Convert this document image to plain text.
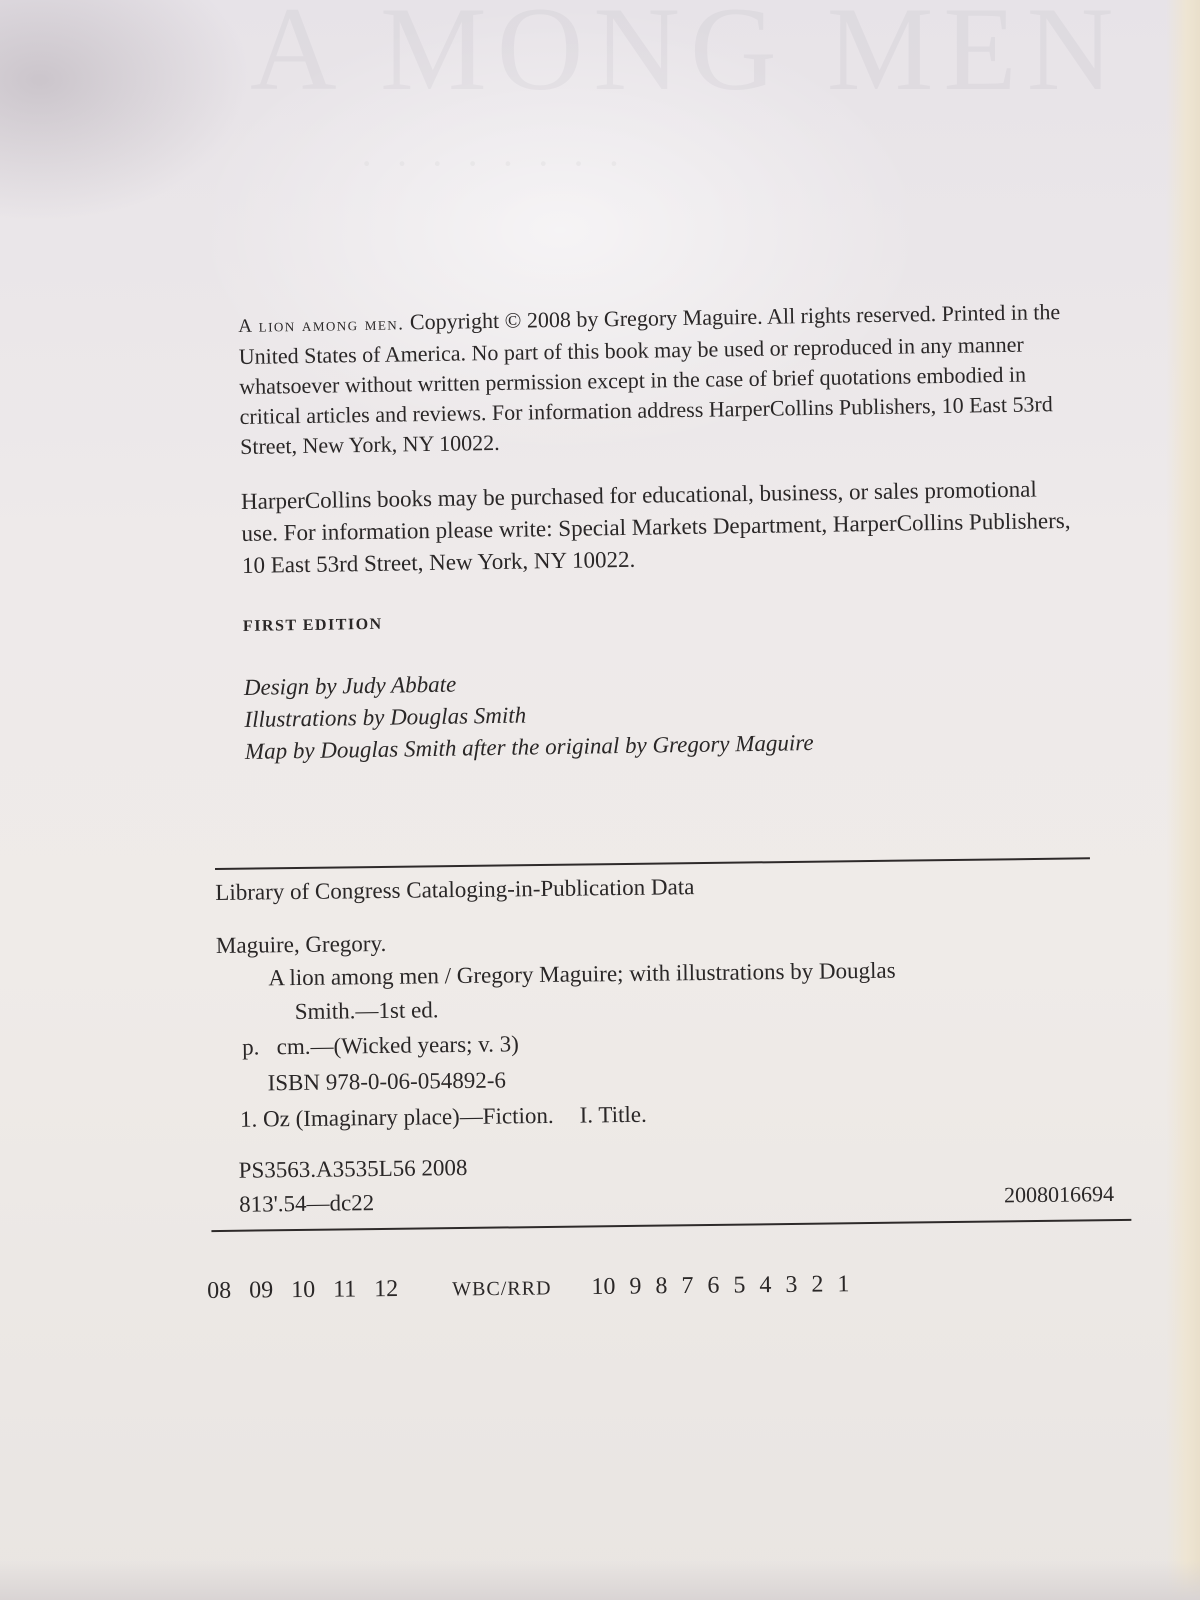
A MONG MEN
· · · · · · · ·

A lion among men. Copyright © 2008 by Gregory Maguire. All rights reserved. Printed in the United States of America. No part of this book may be used or reproduced in any manner whatsoever without written permission except in the case of brief quotations embodied in critical articles and reviews. For information address HarperCollins Publishers, 10 East 53rd Street, New York, NY 10022.

HarperCollins books may be purchased for educational, business, or sales promotional use. For information please write: Special Markets Department, HarperCollins Publishers, 10 East 53rd Street, New York, NY 10022.

FIRST EDITION
Design by Judy Abbate
Illustrations by Douglas Smith
Map by Douglas Smith after the original by Gregory Maguire
Library of Congress Cataloging-in-Publication Data
Maguire, Gregory.
A lion among men / Gregory Maguire; with illustrations by Douglas
Smith.—1st ed.
p.   cm.—(Wicked years; v. 3)
ISBN 978-0-06-054892-6
1. Oz (Imaginary place)—Fiction. I. Title.
PS3563.A3535L56 2008
813'.54—dc22	2008016694
08 09 10 11 12	WBC/RRD 10 9 8 7 6 5 4 3 2 1
